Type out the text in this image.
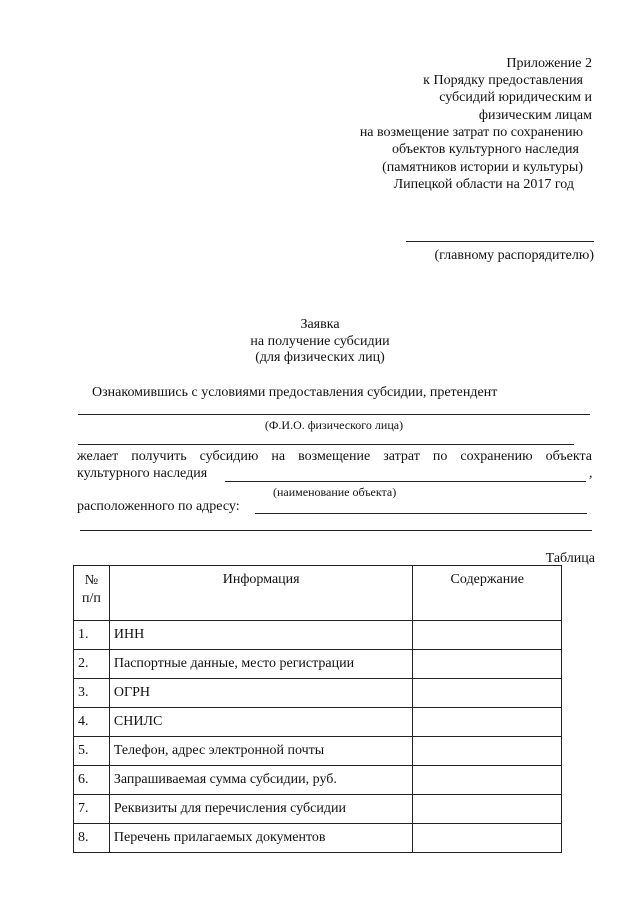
Приложение 2
к Порядку предоставления
субсидий юридическим и
физическим лицам
на возмещение затрат по сохранению
объектов культурного наследия
(памятников истории и культуры)
Липецкой области на 2017 год
(главному распорядителю)
Заявка
на получение субсидии
(для физических лиц)
Ознакомившись с условиями предоставления субсидии, претендент
(Ф.И.О. физического лица)
желает получить субсидию на возмещение затрат по сохранению объекта
культурного наследия	,
(наименование объекта)
расположенного по адресу:
Таблица
№
п/п	Информация	Содержание
1.	ИНН	
2.	Паспортные данные, место регистрации	
3.	ОГРН	
4.	СНИЛС	
5.	Телефон, адрес электронной почты	
6.	Запрашиваемая сумма субсидии, руб.	
7.	Реквизиты для перечисления субсидии	
8.	Перечень прилагаемых документов	
